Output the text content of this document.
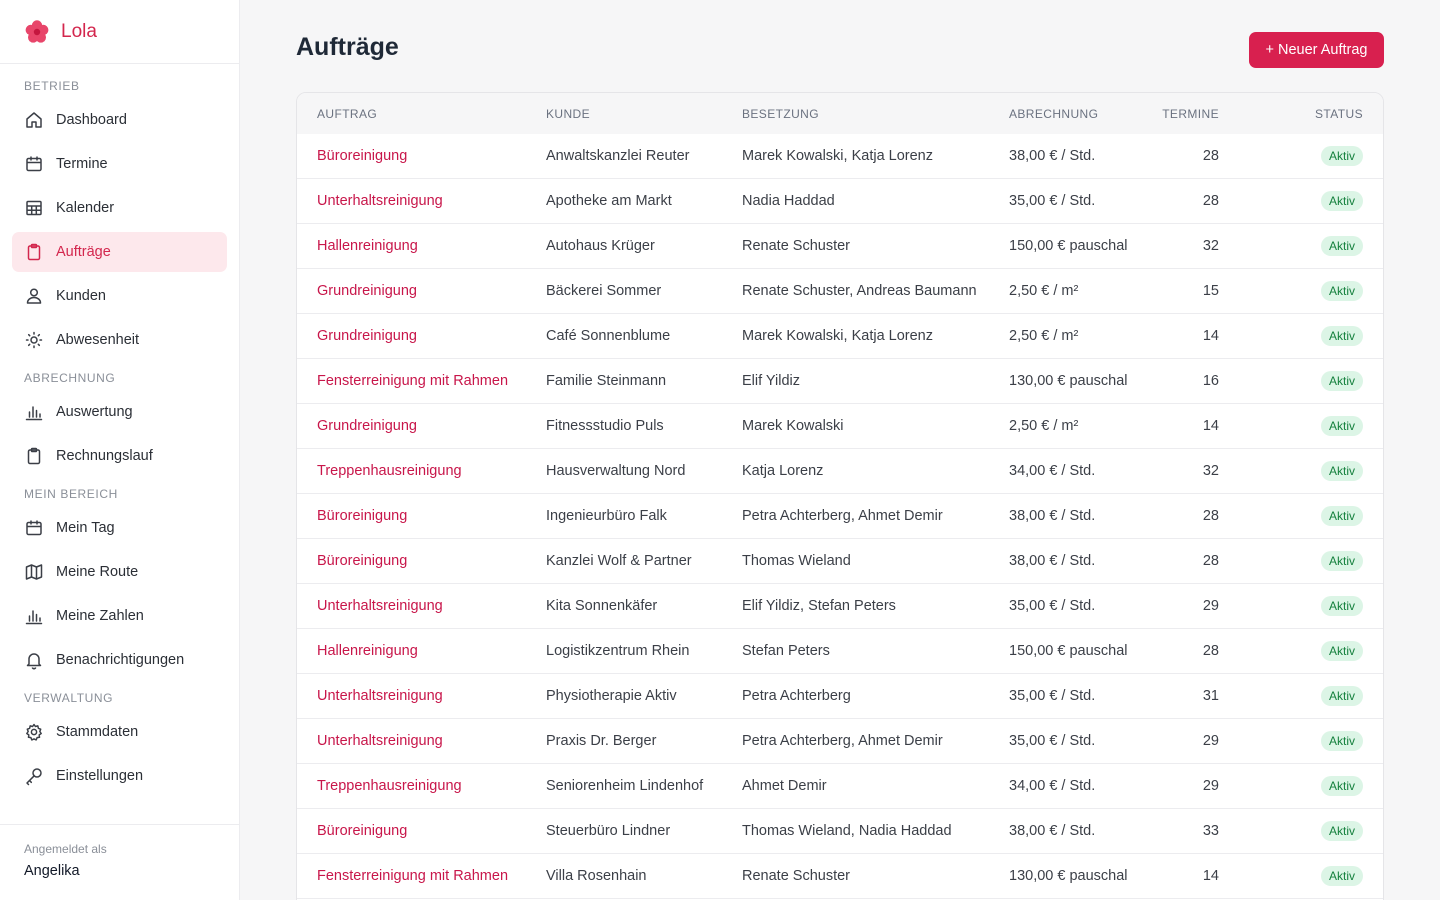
Lola
BETRIEB
Dashboard
Termine
Kalender
Aufträge
Kunden
Abwesenheit
ABRECHNUNG
Auswertung
Rechnungslauf
MEIN BEREICH
Mein Tag
Meine Route
Meine Zahlen
Benachrichtigungen
VERWALTUNG
Stammdaten
Einstellungen
Angemeldet als
Angelika
Aufträge	+ Neuer Auftrag
AUFTRAG	KUNDE	BESETZUNG	ABRECHNUNG	TERMINE	STATUS
Büroreinigung	Anwaltskanzlei Reuter	Marek Kowalski, Katja Lorenz	38,00 € / Std.	28	Aktiv
Unterhaltsreinigung	Apotheke am Markt	Nadia Haddad	35,00 € / Std.	28	Aktiv
Hallenreinigung	Autohaus Krüger	Renate Schuster	150,00 € pauschal	32	Aktiv
Grundreinigung	Bäckerei Sommer	Renate Schuster, Andreas Baumann 2,50 € / m²	15	Aktiv
Grundreinigung	Café Sonnenblume	Marek Kowalski, Katja Lorenz	2,50 € / m²	14	Aktiv
Fensterreinigung mit Rahmen	Familie Steinmann	Elif Yildiz	130,00 € pauschal	16	Aktiv
Grundreinigung	Fitnessstudio Puls	Marek Kowalski	2,50 € / m²	14	Aktiv
Treppenhausreinigung	Hausverwaltung Nord	Katja Lorenz	34,00 € / Std.	32	Aktiv
Büroreinigung	Ingenieurbüro Falk	Petra Achterberg, Ahmet Demir	38,00 € / Std.	28	Aktiv
Büroreinigung	Kanzlei Wolf & Partner	Thomas Wieland	38,00 € / Std.	28	Aktiv
Unterhaltsreinigung	Kita Sonnenkäfer	Elif Yildiz, Stefan Peters	35,00 € / Std.	29	Aktiv
Hallenreinigung	Logistikzentrum Rhein	Stefan Peters	150,00 € pauschal	28	Aktiv
Unterhaltsreinigung	Physiotherapie Aktiv	Petra Achterberg	35,00 € / Std.	31	Aktiv
Unterhaltsreinigung	Praxis Dr. Berger	Petra Achterberg, Ahmet Demir	35,00 € / Std.	29	Aktiv
Treppenhausreinigung	Seniorenheim Lindenhof	Ahmet Demir	34,00 € / Std.	29	Aktiv
Büroreinigung	Steuerbüro Lindner	Thomas Wieland, Nadia Haddad	38,00 € / Std.	33	Aktiv
Fensterreinigung mit Rahmen	Villa Rosenhain	Renate Schuster	130,00 € pauschal	14	Aktiv
